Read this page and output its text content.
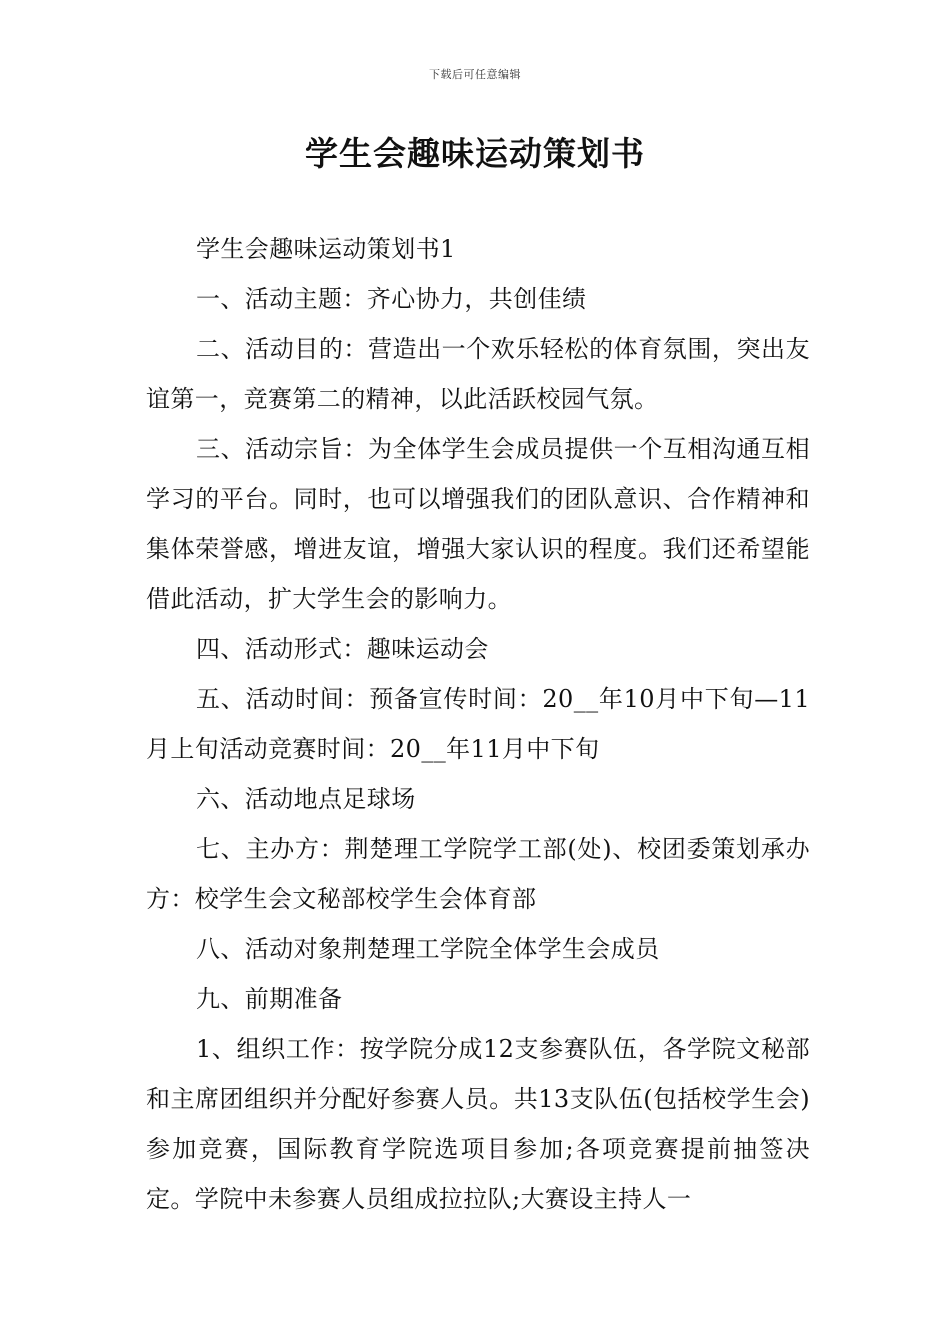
下载后可任意编辑
学生会趣味运动策划书

学生会趣味运动策划书1

一、活动主题：齐心协力，共创佳绩

二、活动目的：营造出一个欢乐轻松的体育氛围，突出友谊第一，竞赛第二的精神，以此活跃校园气氛。

三、活动宗旨：为全体学生会成员提供一个互相沟通互相学习的平台。同时，也可以增强我们的团队意识、合作精神和集体荣誉感，增进友谊，增强大家认识的程度。我们还希望能借此活动，扩大学生会的影响力。

四、活动形式：趣味运动会

五、活动时间：预备宣传时间：20__年10月中下旬—11月上旬活动竞赛时间：20__年11月中下旬

六、活动地点足球场

七、主办方：荆楚理工学院学工部(处)、校团委策划承办方：校学生会文秘部校学生会体育部

八、活动对象荆楚理工学院全体学生会成员

九、前期准备

1、组织工作：按学院分成12支参赛队伍，各学院文秘部和主席团组织并分配好参赛人员。共13支队伍(包括校学生会)参加竞赛，国际教育学院选项目参加;各项竞赛提前抽签决定。学院中未参赛人员组成拉拉队;大赛设主持人一
